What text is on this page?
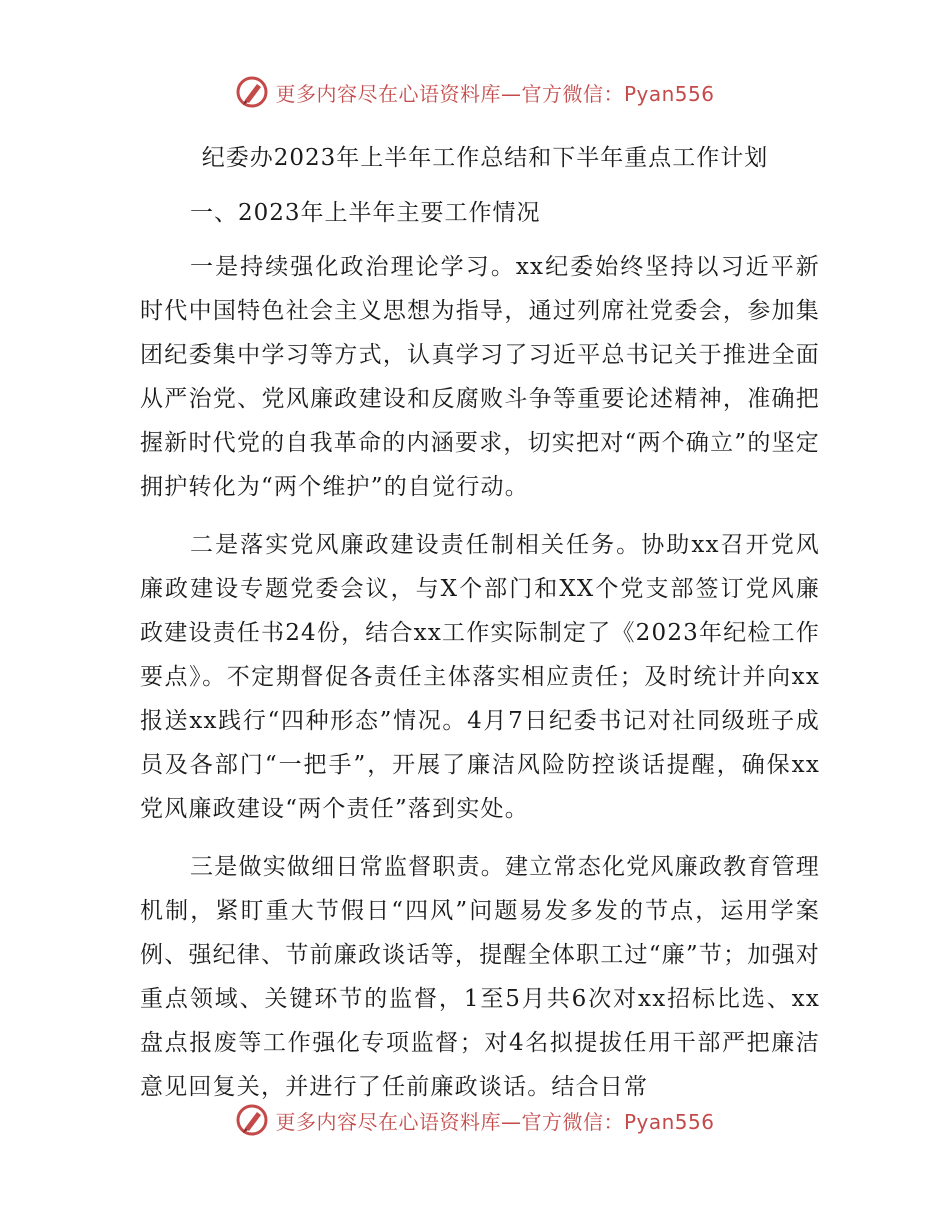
更多内容尽在心语资料库—官方微信：Pyan556

纪委办2023年上半年工作总结和下半年重点工作计划

一、2023年上半年主要工作情况

一是持续强化政治理论学习。xx纪委始终坚持以习近平新时代中国特色社会主义思想为指导，通过列席社党委会，参加集团纪委集中学习等方式，认真学习了习近平总书记关于推进全面从严治党、党风廉政建设和反腐败斗争等重要论述精神，准确把握新时代党的自我革命的内涵要求，切实把对“两个确立”的坚定拥护转化为“两个维护”的自觉行动。

二是落实党风廉政建设责任制相关任务。协助xx召开党风廉政建设专题党委会议，与X个部门和XX个党支部签订党风廉政建设责任书24份，结合xx工作实际制定了《2023年纪检工作要点》。不定期督促各责任主体落实相应责任；及时统计并向xx报送xx践行“四种形态”情况。4月7日纪委书记对社同级班子成员及各部门“一把手”，开展了廉洁风险防控谈话提醒，确保xx党风廉政建设“两个责任”落到实处。

三是做实做细日常监督职责。建立常态化党风廉政教育管理机制，紧盯重大节假日“四风”问题易发多发的节点，运用学案例、强纪律、节前廉政谈话等，提醒全体职工过“廉”节；加强对重点领域、关键环节的监督，1至5月共6次对xx招标比选、xx盘点报废等工作强化专项监督；对4名拟提拔任用干部严把廉洁意见回复关，并进行了任前廉政谈话。结合日常

更多内容尽在心语资料库—官方微信：Pyan556
